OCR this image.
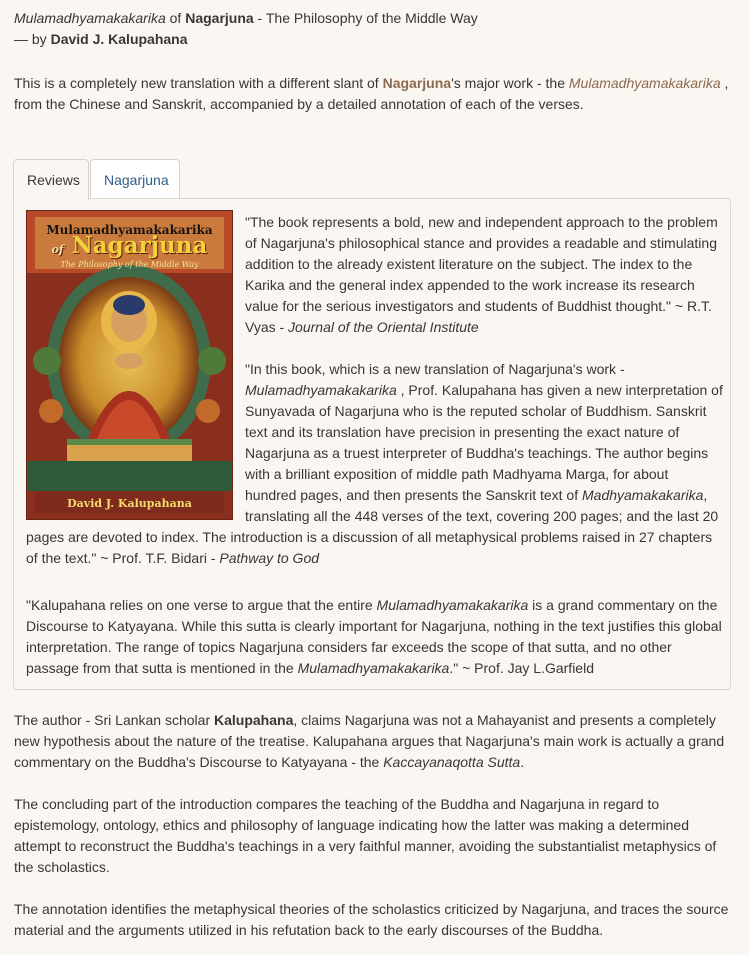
Mulamadhyamakakarika of Nagarjuna - The Philosophy of the Middle Way

— by David J. Kalupahana

This is a completely new translation with a different slant of Nagarjuna's major work - the Mulamadhyamakakarika , from the Chinese and Sanskrit, accompanied by a detailed annotation of each of the verses.

Reviews	Nagarjuna
Mulamadhyamakakarika
of Nagarjuna
The Philosophy of the Middle Way
David J. Kalupahana

"The book represents a bold, new and independent approach to the problem of Nagarjuna's philosophical stance and provides a readable and stimulating addition to the already existent literature on the subject. The index to the Karika and the general index appended to the work increase its research value for the serious investigators and students of Buddhist thought." ~ R.T. Vyas - Journal of the Oriental Institute

"In this book, which is a new translation of Nagarjuna's work - Mulamadhyamakakarika , Prof. Kalupahana has given a new interpretation of Sunyavada of Nagarjuna who is the reputed scholar of Buddhism. Sanskrit text and its translation have precision in presenting the exact nature of Nagarjuna as a truest interpreter of Buddha's teachings. The author begins with a brilliant exposition of middle path Madhyama Marga, for about hundred pages, and then presents the Sanskrit text of Madhyamakakarika, translating all the 448 verses of the text, covering 200 pages; and the last 20

pages are devoted to index. The introduction is a discussion of all metaphysical problems raised in 27 chapters of the text." ~ Prof. T.F. Bidari - Pathway to God

"Kalupahana relies on one verse to argue that the entire Mulamadhyamakakarika is a grand commentary on the Discourse to Katyayana. While this sutta is clearly important for Nagarjuna, nothing in the text justifies this global interpretation. The range of topics Nagarjuna considers far exceeds the scope of that sutta, and no other passage from that sutta is mentioned in the Mulamadhyamakakarika." ~ Prof. Jay L.Garfield

The author - Sri Lankan scholar Kalupahana, claims Nagarjuna was not a Mahayanist and presents a completely new hypothesis about the nature of the treatise. Kalupahana argues that Nagarjuna's main work is actually a grand commentary on the Buddha's Discourse to Katyayana - the Kaccayanaqotta Sutta.

The concluding part of the introduction compares the teaching of the Buddha and Nagarjuna in regard to epistemology, ontology, ethics and philosophy of language indicating how the latter was making a determined attempt to reconstruct the Buddha's teachings in a very faithful manner, avoiding the substantialist metaphysics of the scholastics.

The annotation identifies the metaphysical theories of the scholastics criticized by Nagarjuna, and traces the source material and the arguments utilized in his refutation back to the early discourses of the Buddha.
